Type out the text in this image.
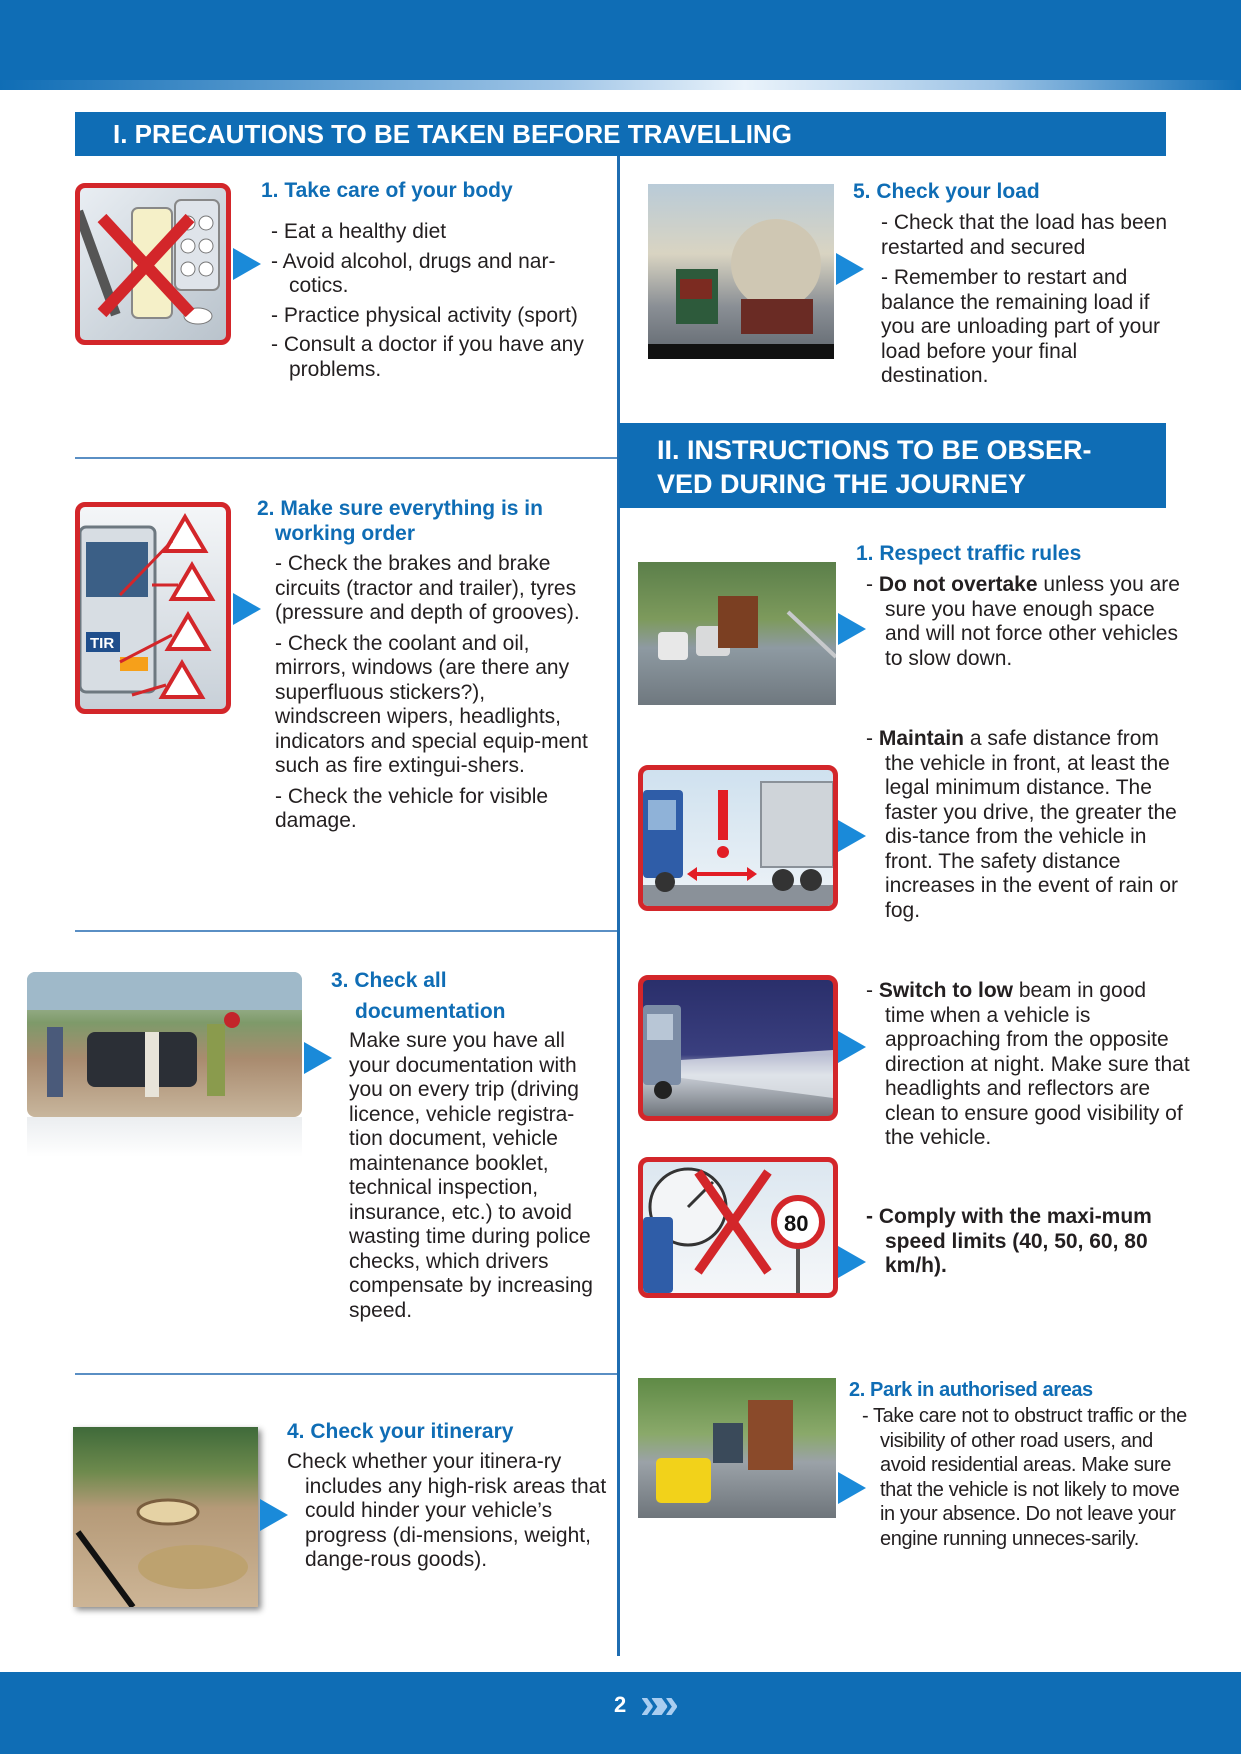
I. PRECAUTIONS TO BE TAKEN BEFORE TRAVELLING
1. Take care of your body

- Eat a healthy diet

- Avoid alcohol, drugs and nar-cotics.

- Practice physical activity (sport)

- Consult a doctor if you have any problems.

TIR
2. Make sure everything is in
working order

- Check the brakes and brake circuits (tractor and trailer), tyres (pressure and depth of grooves).

- Check the coolant and oil, mirrors, windows (are there any superfluous stickers?), windscreen wipers, headlights, indicators and special equip-ment such as fire extingui-shers.

- Check the vehicle for visible damage.

3. Check all
documentation
Make sure you have all your documentation with you on every trip (driving licence, vehicle registra-tion document, vehicle maintenance booklet, technical inspection, insurance, etc.) to avoid wasting time during police checks, which drivers compensate by increasing speed.
4. Check your itinerary
Check whether your itinera-ry includes any high-risk areas that could hinder your vehicle’s progress (di-mensions, weight, dange-rous goods).
5. Check your load

- Check that the load has been restarted and secured

- Remember to restart and balance the remaining load if you are unloading part of your load before your final destination.

II. INSTRUCTIONS TO BE OBSER-
VED DURING THE JOURNEY
1. Respect traffic rules
- Do not overtake unless you are sure you have enough space and will not force other vehicles to slow down.
- Maintain a safe distance from the vehicle in front, at least the legal minimum distance. The faster you drive, the greater the dis-tance from the vehicle in front. The safety distance increases in the event of rain or fog.
- Switch to low beam in good time when a vehicle is approaching from the opposite direction at night. Make sure that headlights and reflectors are clean to ensure good visibility of the vehicle.
80	- Comply with the maxi-mum speed limits (40, 50, 60, 80 km/h).
2. Park in authorised areas
- Take care not to obstruct traffic or the visibility of other road users, and avoid residential areas. Make sure that the vehicle is not likely to move in your absence. Do not leave your engine running unneces-sarily.
2 »»
